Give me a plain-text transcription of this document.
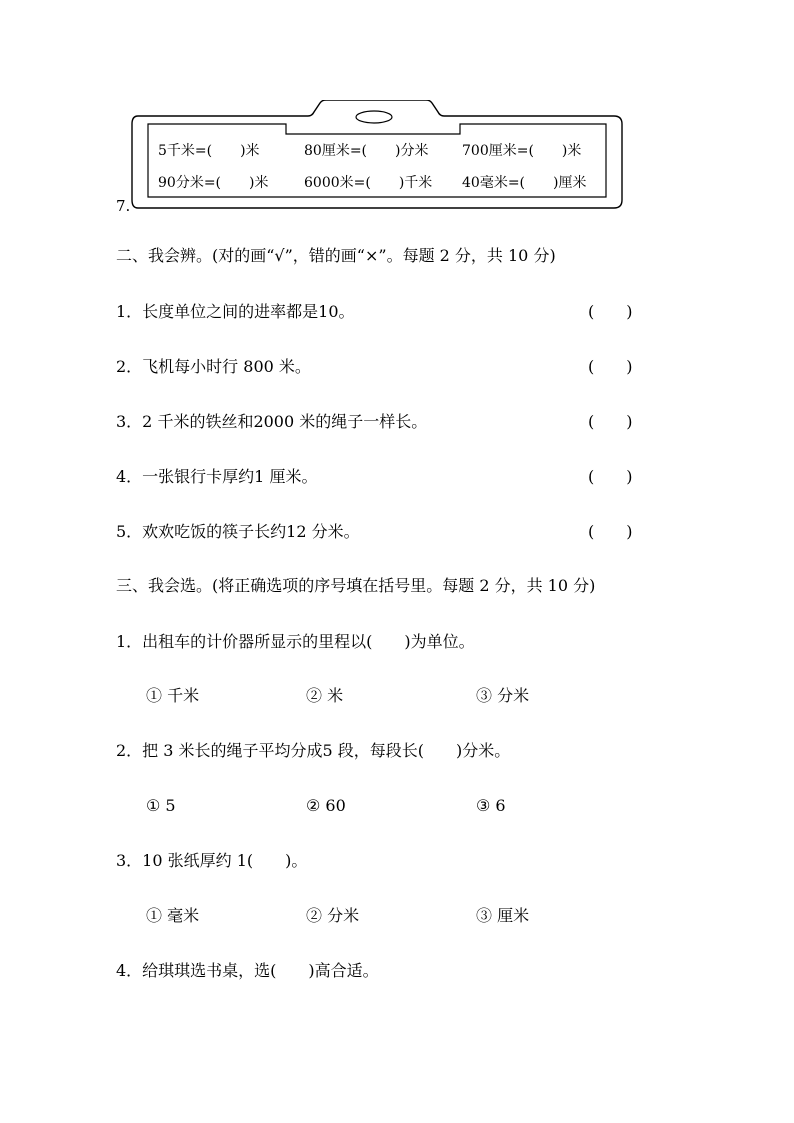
7.
5千米=(　　)米	80厘米=(　　)分米 700厘米=(　　)米
90分米=(　　)米	6000米=(　　)千米 40毫米=(　　)厘米
二、我会辨。(对的画“√”，错的画“×”。每题 2 分，共 10 分)
1．长度单位之间的进率都是10。	(　　)
2．飞机每小时行 800 米。	(　　)
3．2 千米的铁丝和2000 米的绳子一样长。	(　　)
4．一张银行卡厚约1 厘米。	(　　)
5．欢欢吃饭的筷子长约12 分米。	(　　)
三、我会选。(将正确选项的序号填在括号里。每题 2 分，共 10 分)
1．出租车的计价器所显示的里程以(　　)为单位。
① 千米	② 米	③ 分米
2．把 3 米长的绳子平均分成5 段，每段长(　　)分米。
① 5	② 60	③ 6
3．10 张纸厚约 1(　　)。
① 毫米	② 分米	③ 厘米
4．给琪琪选书桌，选(　　)高合适。
